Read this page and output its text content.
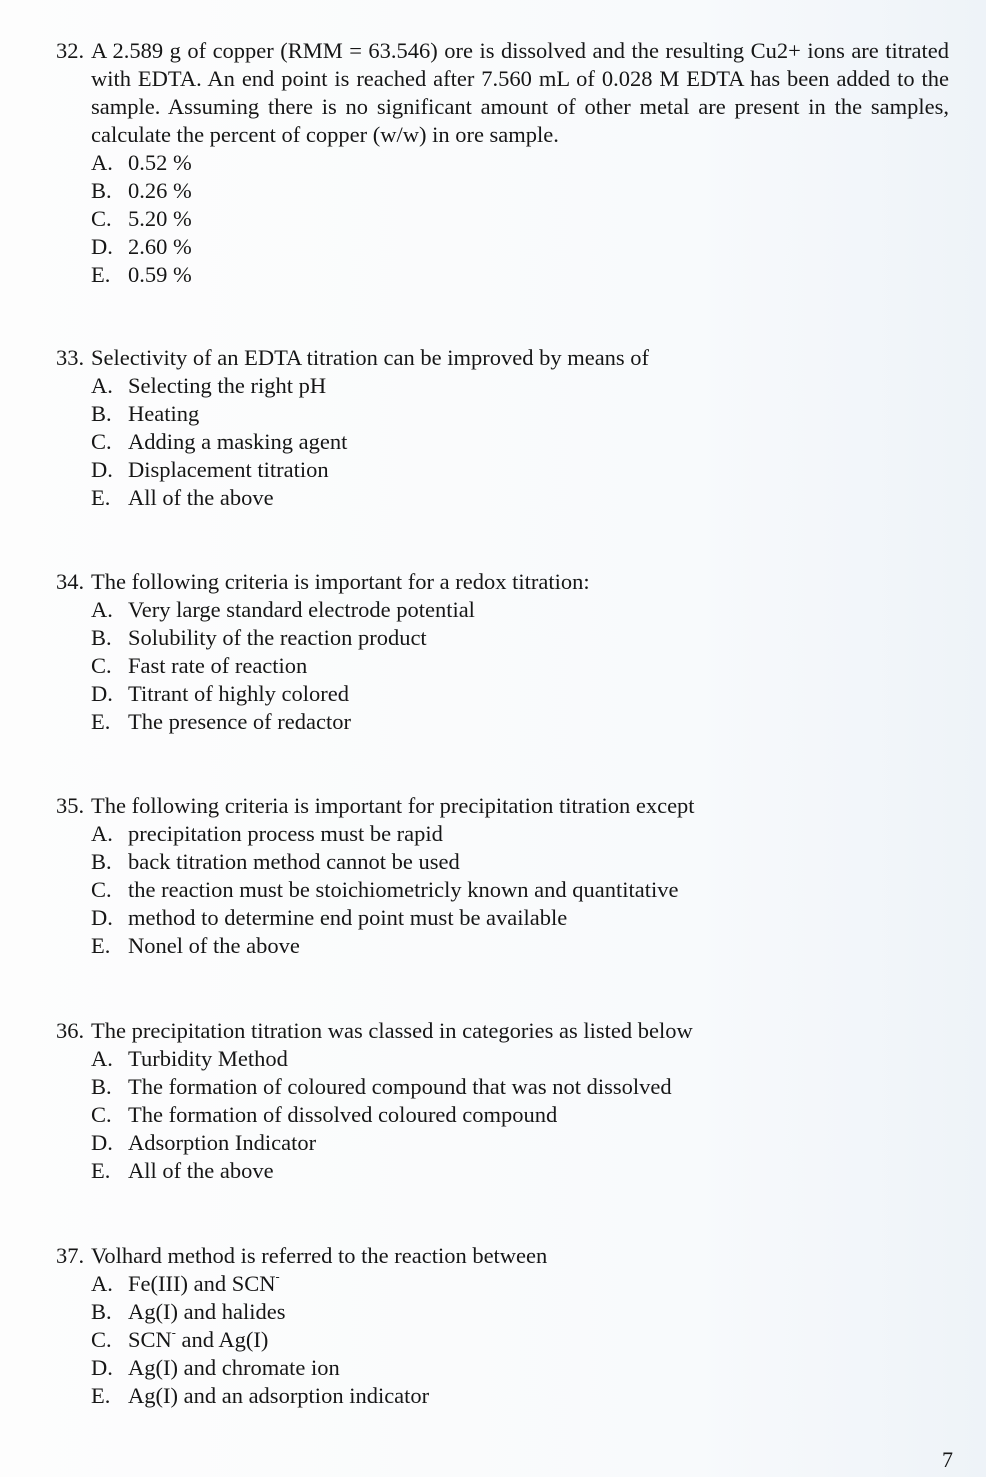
32. A 2.589 g of copper (RMM = 63.546) ore is dissolved and the resulting Cu2+ ions are titrated with EDTA. An end point is reached after 7.560 mL of 0.028 M EDTA has been added to the sample. Assuming there is no significant amount of other metal are present in the samples, calculate the percent of copper (w/w) in ore sample.
A. 0.52 %
B. 0.26 %
C. 5.20 %
D. 2.60 %
E. 0.59 %
33. Selectivity of an EDTA titration can be improved by means of
A. Selecting the right pH
B. Heating
C. Adding a masking agent
D. Displacement titration
E. All of the above
34. The following criteria is important for a redox titration:
A. Very large standard electrode potential
B. Solubility of the reaction product
C. Fast rate of reaction
D. Titrant of highly colored
E. The presence of redactor
35. The following criteria is important for precipitation titration except
A. precipitation process must be rapid
B. back titration method cannot be used
C. the reaction must be stoichiometricly known and quantitative
D. method to determine end point must be available
E. Nonel of the above
36. The precipitation titration was classed in categories as listed below
A. Turbidity Method
B. The formation of coloured compound that was not dissolved
C. The formation of dissolved coloured compound
D. Adsorption Indicator
E. All of the above
37. Volhard method is referred to the reaction between
A. Fe(III) and SCN-
B. Ag(I) and halides
C. SCN- and Ag(I)
D. Ag(I) and chromate ion
E. Ag(I) and an adsorption indicator
7
